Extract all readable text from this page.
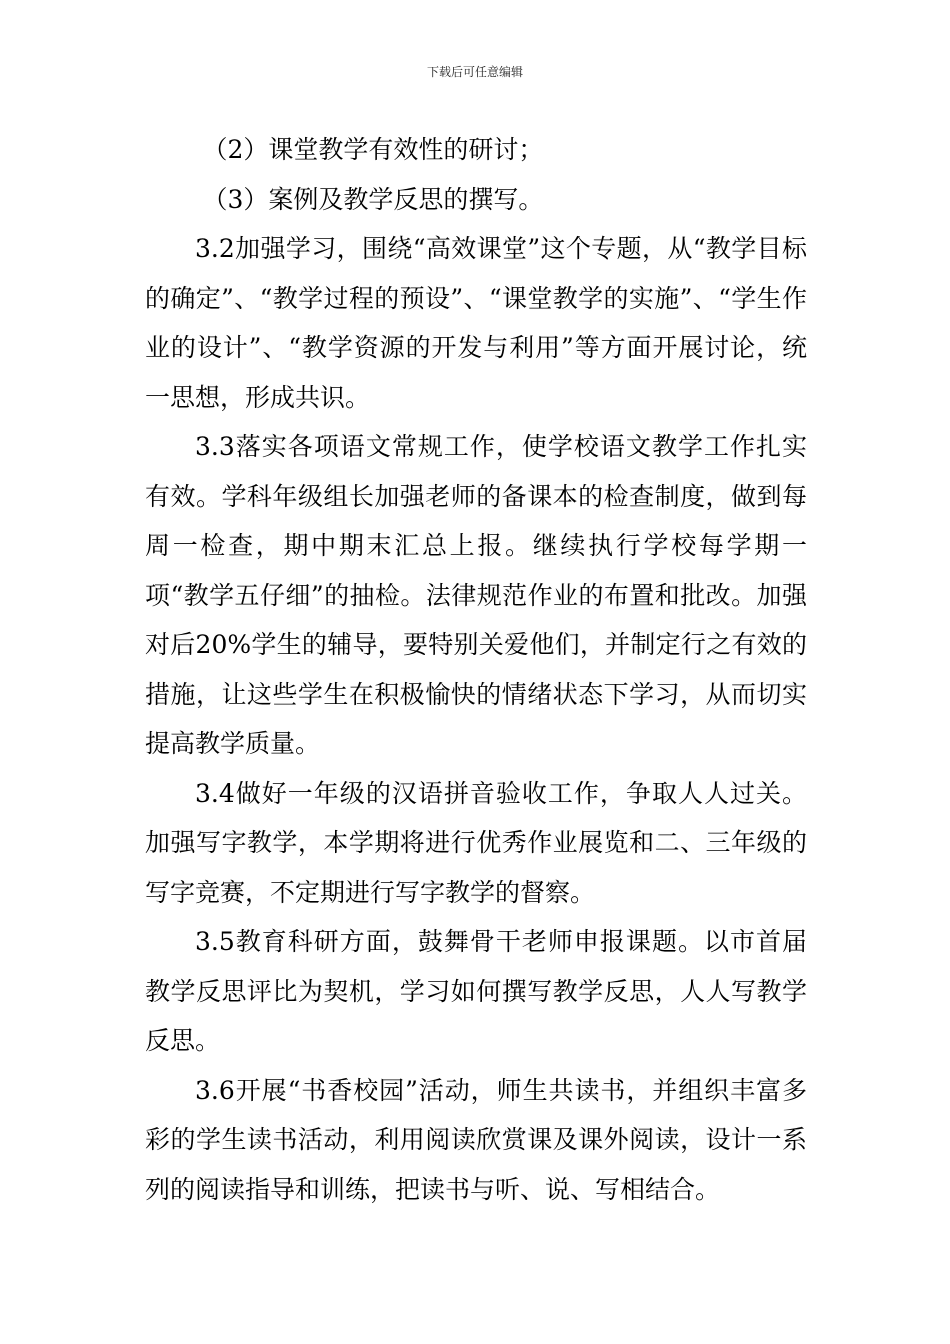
下载后可任意编辑

（2）课堂教学有效性的研讨；

（3）案例及教学反思的撰写。

3.2加强学习，围绕“高效课堂”这个专题，从“教学目标的确定”、“教学过程的预设”、“课堂教学的实施”、“学生作业的设计”、“教学资源的开发与利用”等方面开展讨论，统一思想，形成共识。

3.3落实各项语文常规工作，使学校语文教学工作扎实有效。学科年级组长加强老师的备课本的检查制度，做到每周一检查，期中期末汇总上报。继续执行学校每学期一项“教学五仔细”的抽检。法律规范作业的布置和批改。加强对后20%学生的辅导，要特别关爱他们，并制定行之有效的措施，让这些学生在积极愉快的情绪状态下学习，从而切实提高教学质量。

3.4做好一年级的汉语拼音验收工作，争取人人过关。加强写字教学，本学期将进行优秀作业展览和二、三年级的写字竞赛，不定期进行写字教学的督察。

3.5教育科研方面，鼓舞骨干老师申报课题。以市首届教学反思评比为契机，学习如何撰写教学反思，人人写教学反思。

3.6开展“书香校园”活动，师生共读书，并组织丰富多彩的学生读书活动，利用阅读欣赏课及课外阅读，设计一系列的阅读指导和训练，把读书与听、说、写相结合。
